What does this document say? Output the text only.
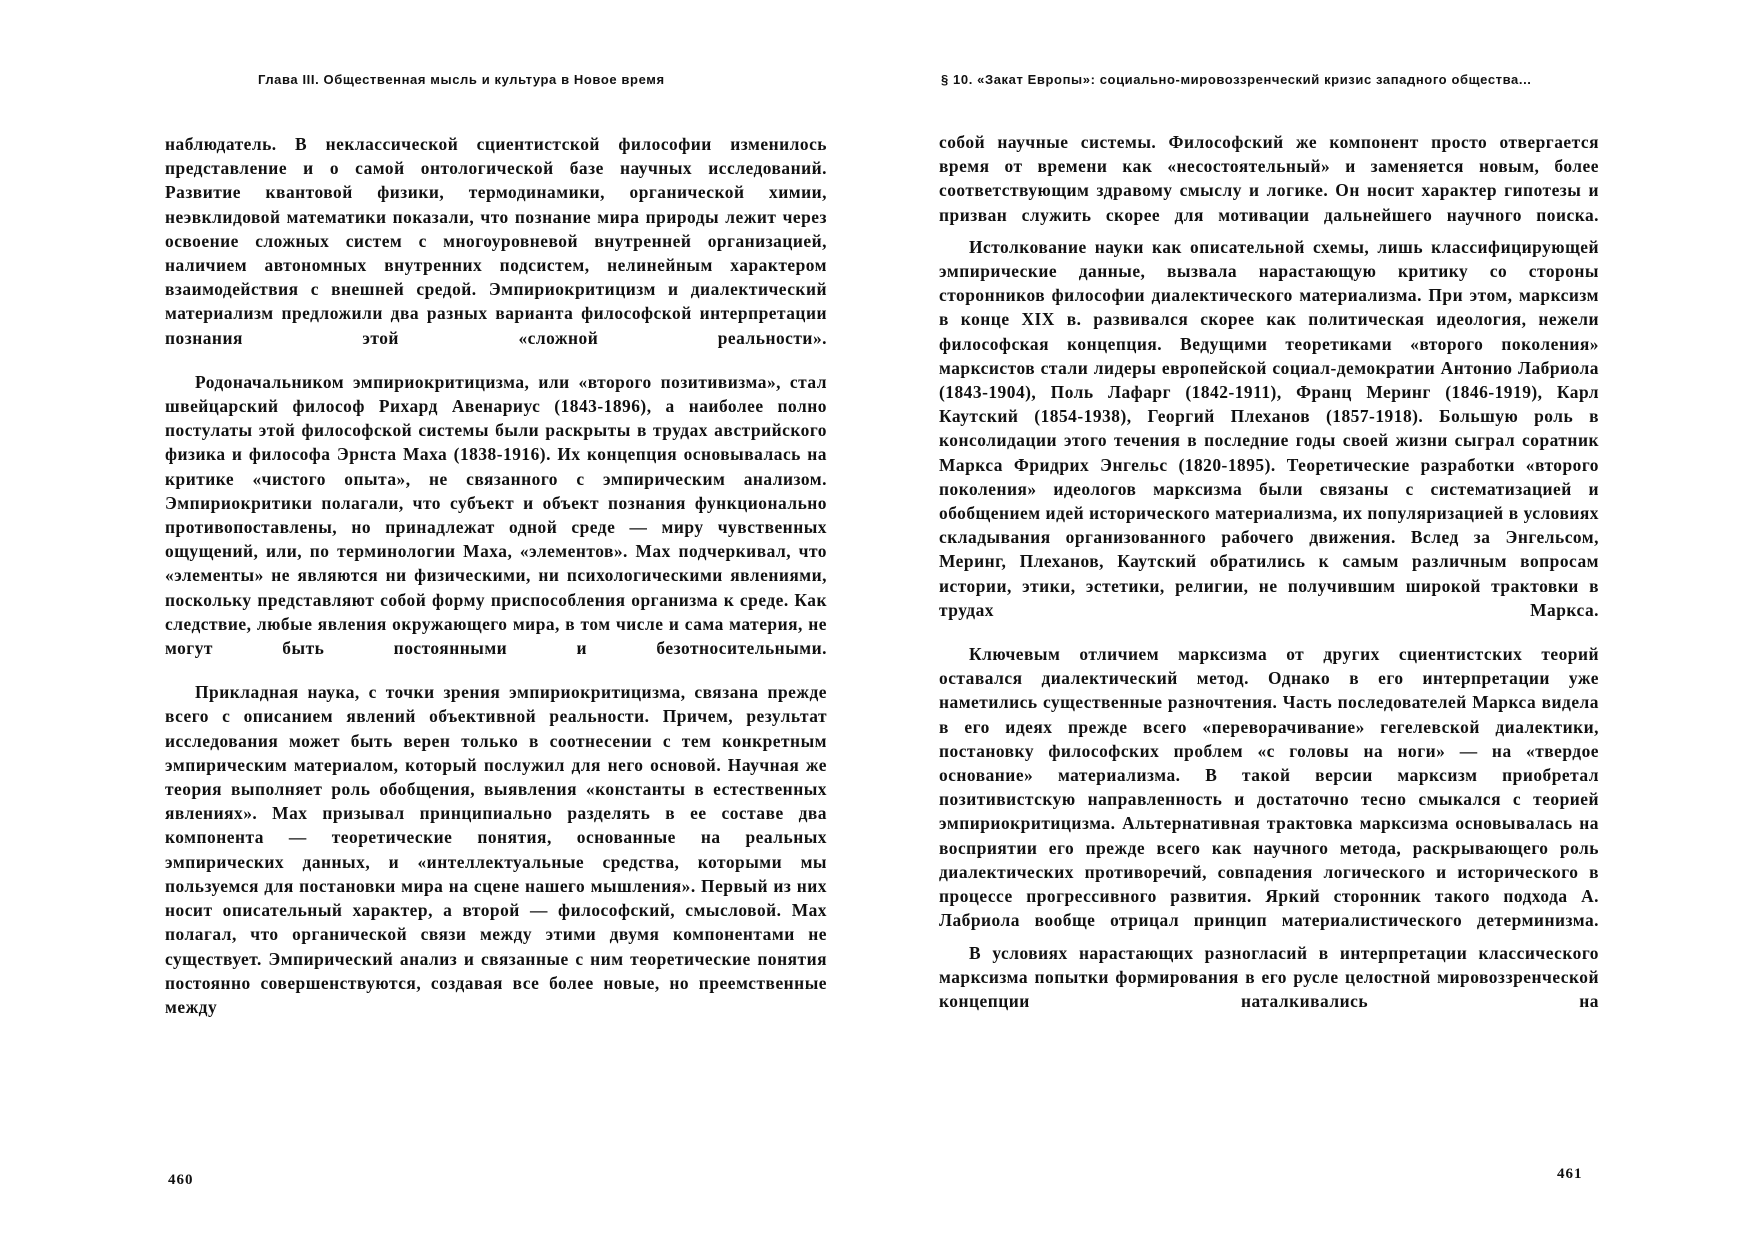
Глава III. Общественная мысль и культура в Новое время

наблюдатель. В неклассической сциентистской философии изменилось представление и о самой онтологической базе научных исследований. Развитие квантовой физики, термодинамики, органической химии, неэвклидовой математики показали, что познание мира природы лежит через освоение сложных систем с многоуровневой внутренней организацией, наличием автономных внутренних подсистем, нелинейным характером взаимодействия с внешней средой. Эмпириокритицизм и диалектический материализм предложили два разных варианта философской интерпретации познания этой «сложной реальности».

Родоначальником эмпириокритицизма, или «второго позитивизма», стал швейцарский философ Рихард Авенариус (1843-1896), а наиболее полно постулаты этой философской системы были раскрыты в трудах австрийского физика и философа Эрнста Маха (1838-1916). Их концепция основывалась на критике «чистого опыта», не связанного с эмпирическим анализом. Эмпириокритики полагали, что субъект и объект познания функционально противопоставлены, но принадлежат одной среде — миру чувственных ощущений, или, по терминологии Маха, «элементов». Мах подчеркивал, что «элементы» не являются ни физическими, ни психологическими явлениями, поскольку представляют собой форму приспособления организма к среде. Как следствие, любые явления окружающего мира, в том числе и сама материя, не могут быть постоянными и безотносительными.

Прикладная наука, с точки зрения эмпириокритицизма, связана прежде всего с описанием явлений объективной реальности. Причем, результат исследования может быть верен только в соотнесении с тем конкретным эмпирическим материалом, который послужил для него основой. Научная же теория выполняет роль обобщения, выявления «константы в естественных явлениях». Мах призывал принципиально разделять в ее составе два компонента — теоретические понятия, основанные на реальных эмпирических данных, и «интеллектуальные средства, которыми мы пользуемся для постановки мира на сцене нашего мышления». Первый из них носит описательный характер, а второй — философский, смысловой. Мах полагал, что органической связи между этими двумя компонентами не существует. Эмпирический анализ и связанные с ним теоретические понятия постоянно совершенствуются, создавая все более новые, но преемственные между

460
§ 10. «Закат Европы»: социально-мировоззренческий кризис западного общества...

собой научные системы. Философский же компонент просто отвергается время от времени как «несостоятельный» и заменяется новым, более соответствующим здравому смыслу и логике. Он носит характер гипотезы и призван служить скорее для мотивации дальнейшего научного поиска.

Истолкование науки как описательной схемы, лишь классифицирующей эмпирические данные, вызвала нарастающую критику со стороны сторонников философии диалектического материализма. При этом, марксизм в конце XIX в. развивался скорее как политическая идеология, нежели философская концепция. Ведущими теоретиками «второго поколения» марксистов стали лидеры европейской социал-демократии Антонио Лабриола (1843-1904), Поль Лафарг (1842-1911), Франц Меринг (1846-1919), Карл Каутский (1854-1938), Георгий Плеханов (1857-1918). Большую роль в консолидации этого течения в последние годы своей жизни сыграл соратник Маркса Фридрих Энгельс (1820-1895). Теоретические разработки «второго поколения» идеологов марксизма были связаны с систематизацией и обобщением идей исторического материализма, их популяризацией в условиях складывания организованного рабочего движения. Вслед за Энгельсом, Меринг, Плеханов, Каутский обратились к самым различным вопросам истории, этики, эстетики, религии, не получившим широкой трактовки в трудах Маркса.

Ключевым отличием марксизма от других сциентистских теорий оставался диалектический метод. Однако в его интерпретации уже наметились существенные разночтения. Часть последователей Маркса видела в его идеях прежде всего «переворачивание» гегелевской диалектики, постановку философских проблем «с головы на ноги» — на «твердое основание» материализма. В такой версии марксизм приобретал позитивистскую направленность и достаточно тесно смыкался с теорией эмпириокритицизма. Альтернативная трактовка марксизма основывалась на восприятии его прежде всего как научного метода, раскрывающего роль диалектических противоречий, совпадения логического и исторического в процессе прогрессивного развития. Яркий сторонник такого подхода А. Лабриола вообще отрицал принцип материалистического детерминизма.

В условиях нарастающих разногласий в интерпретации классического марксизма попытки формирования в его русле целостной мировоззренческой концепции наталкивались на

461
